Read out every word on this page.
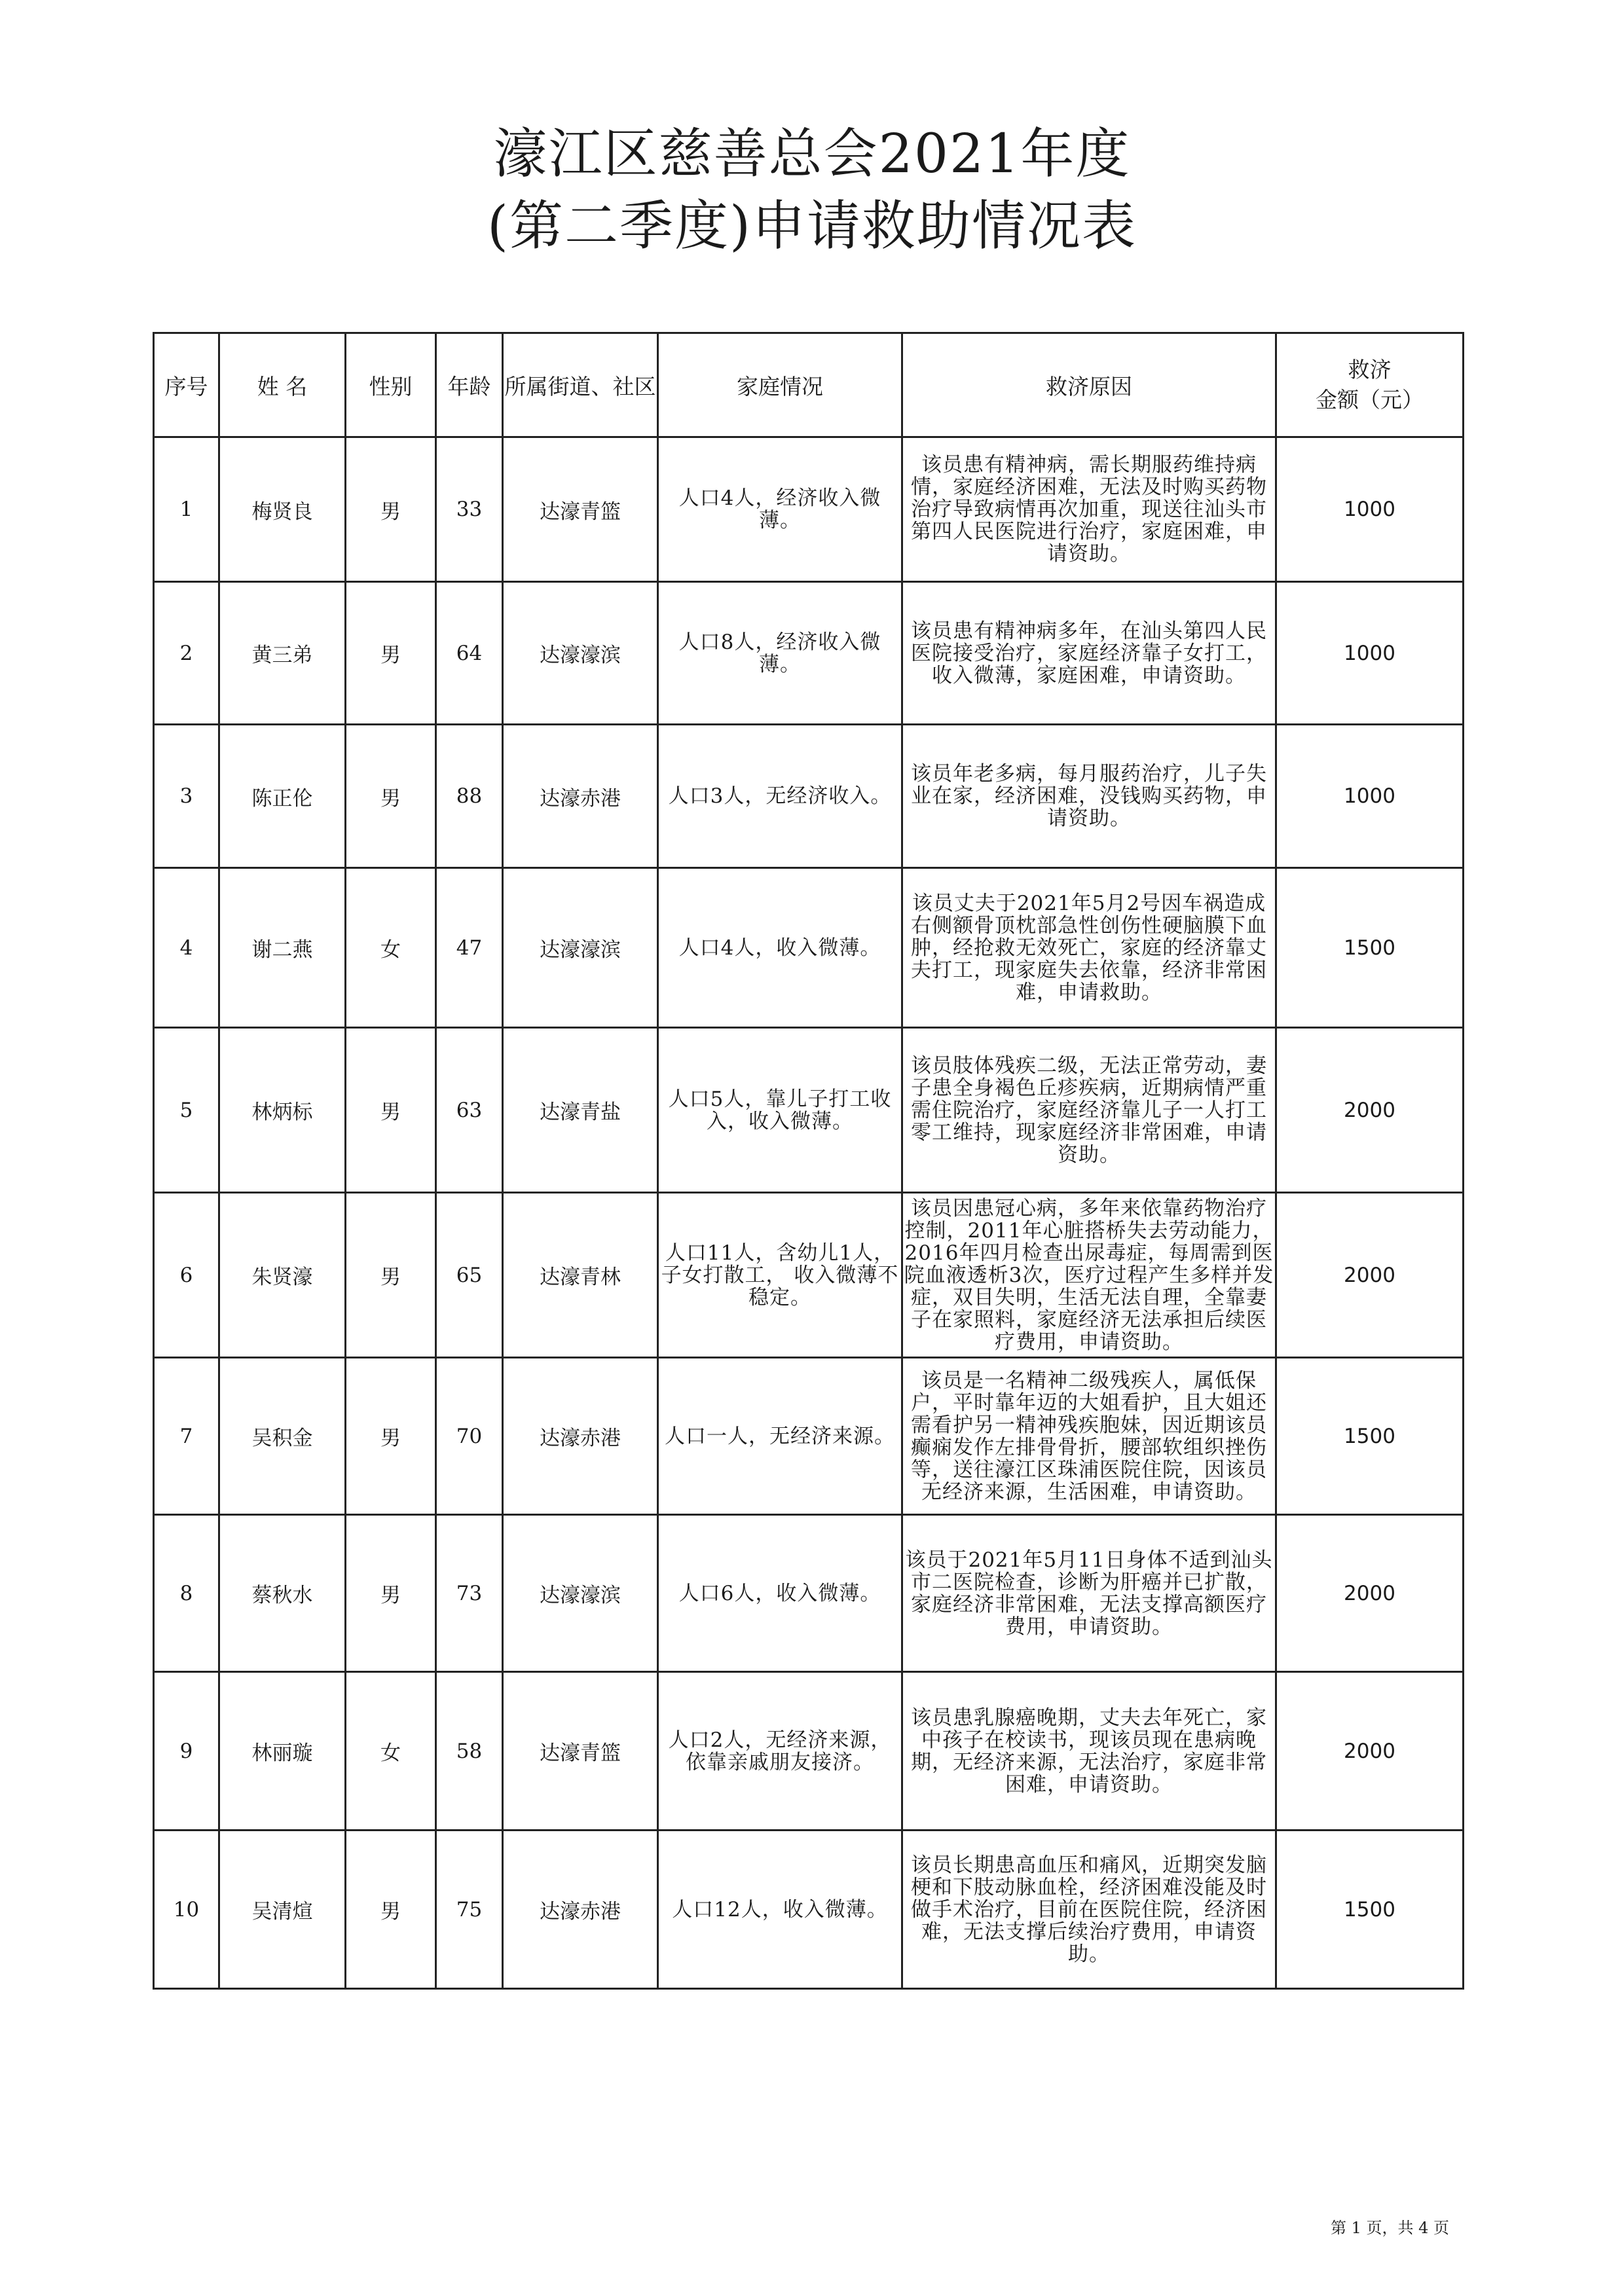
濠江区慈善总会2021年度
(第二季度)申请救助情况表
序号	姓 名	性别	年龄	所属街道、社区	家庭情况	救济原因	救济
金额（元）

1	梅贤良	男	33	达濠青篮	人口4人，经济收入微薄。	该员患有精神病，需长期服药维持病情，家庭经济困难，无法及时购买药物治疗导致病情再次加重，现送往汕头市第四人民医院进行治疗，家庭困难，申请资助。	1000
2	黄三弟	男	64	达濠濠滨	人口8人，经济收入微薄。	该员患有精神病多年，在汕头第四人民医院接受治疗，家庭经济靠子女打工，收入微薄，家庭困难，申请资助。	1000
3	陈正伦	男	88	达濠赤港	人口3人，无经济收入。	该员年老多病，每月服药治疗，儿子失业在家，经济困难，没钱购买药物，申请资助。	1000
4	谢二燕	女	47	达濠濠滨	人口4人，收入微薄。	该员丈夫于2021年5月2号因车祸造成右侧额骨顶枕部急性创伤性硬脑膜下血肿，经抢救无效死亡，家庭的经济靠丈夫打工，现家庭失去依靠，经济非常困难，申请救助。	1500
5	林炳标	男	63	达濠青盐	人口5人，靠儿子打工收入，收入微薄。	该员肢体残疾二级，无法正常劳动，妻子患全身褐色丘疹疾病，近期病情严重需住院治疗，家庭经济靠儿子一人打工零工维持，现家庭经济非常困难，申请资助。	2000
6	朱贤濠	男	65	达濠青林	人口11人，含幼儿1人，子女打散工， 收入微薄不稳定。	该员因患冠心病，多年来依靠药物治疗控制，2011年心脏搭桥失去劳动能力，2016年四月检查出尿毒症，每周需到医院血液透析3次，医疗过程产生多样并发症，双目失明，生活无法自理，全靠妻子在家照料，家庭经济无法承担后续医疗费用，申请资助。	2000
7	吴积金	男	70	达濠赤港	人口一人，无经济来源。	该员是一名精神二级残疾人，属低保户，平时靠年迈的大姐看护，且大姐还需看护另一精神残疾胞妹，因近期该员癫痫发作左排骨骨折，腰部软组织挫伤等，送往濠江区珠浦医院住院，因该员无经济来源，生活困难，申请资助。	1500
8	蔡秋水	男	73	达濠濠滨	人口6人，收入微薄。	该员于2021年5月11日身体不适到汕头市二医院检查，诊断为肝癌并已扩散，家庭经济非常困难，无法支撑高额医疗费用，申请资助。	2000
9	林丽璇	女	58	达濠青篮	人口2人，无经济来源，依靠亲戚朋友接济。	该员患乳腺癌晚期，丈夫去年死亡，家中孩子在校读书，现该员现在患病晚期，无经济来源，无法治疗，家庭非常困难，申请资助。	2000
10	吴清煊	男	75	达濠赤港	人口12人，收入微薄。	该员长期患高血压和痛风，近期突发脑梗和下肢动脉血栓，经济困难没能及时做手术治疗，目前在医院住院，经济困难，无法支撑后续治疗费用，申请资助。	1500
第 1 页，共 4 页
